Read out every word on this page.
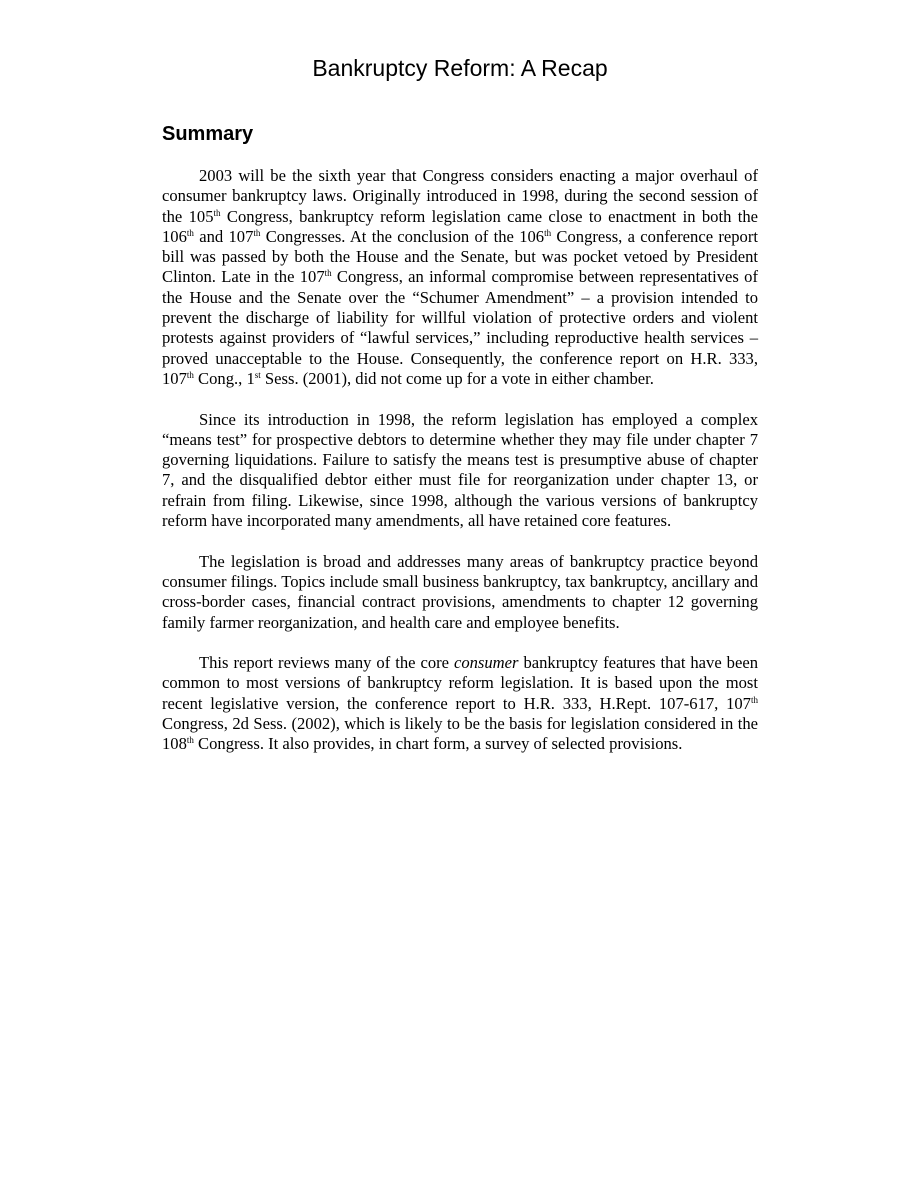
Bankruptcy Reform: A Recap
Summary

2003 will be the sixth year that Congress considers enacting a major overhaul of consumer bankruptcy laws. Originally introduced in 1998, during the second session of the 105th Congress, bankruptcy reform legislation came close to enactment in both the 106th and 107th Congresses. At the conclusion of the 106th Congress, a conference report bill was passed by both the House and the Senate, but was pocket vetoed by President Clinton. Late in the 107th Congress, an informal compromise between representatives of the House and the Senate over the “Schumer Amendment” – a provision intended to prevent the discharge of liability for willful violation of protective orders and violent protests against providers of “lawful services,” including reproductive health services – proved unacceptable to the House. Consequently, the conference report on H.R. 333, 107th Cong., 1st Sess. (2001), did not come up for a vote in either chamber.

Since its introduction in 1998, the reform legislation has employed a complex “means test” for prospective debtors to determine whether they may file under chapter 7 governing liquidations. Failure to satisfy the means test is presumptive abuse of chapter 7, and the disqualified debtor either must file for reorganization under chapter 13, or refrain from filing. Likewise, since 1998, although the various versions of bankruptcy reform have incorporated many amendments, all have retained core features.

The legislation is broad and addresses many areas of bankruptcy practice beyond consumer filings. Topics include small business bankruptcy, tax bankruptcy, ancillary and cross-border cases, financial contract provisions, amendments to chapter 12 governing family farmer reorganization, and health care and employee benefits.

This report reviews many of the core consumer bankruptcy features that have been common to most versions of bankruptcy reform legislation. It is based upon the most recent legislative version, the conference report to H.R. 333, H.Rept. 107-617, 107th Congress, 2d Sess. (2002), which is likely to be the basis for legislation considered in the 108th Congress. It also provides, in chart form, a survey of selected provisions.
